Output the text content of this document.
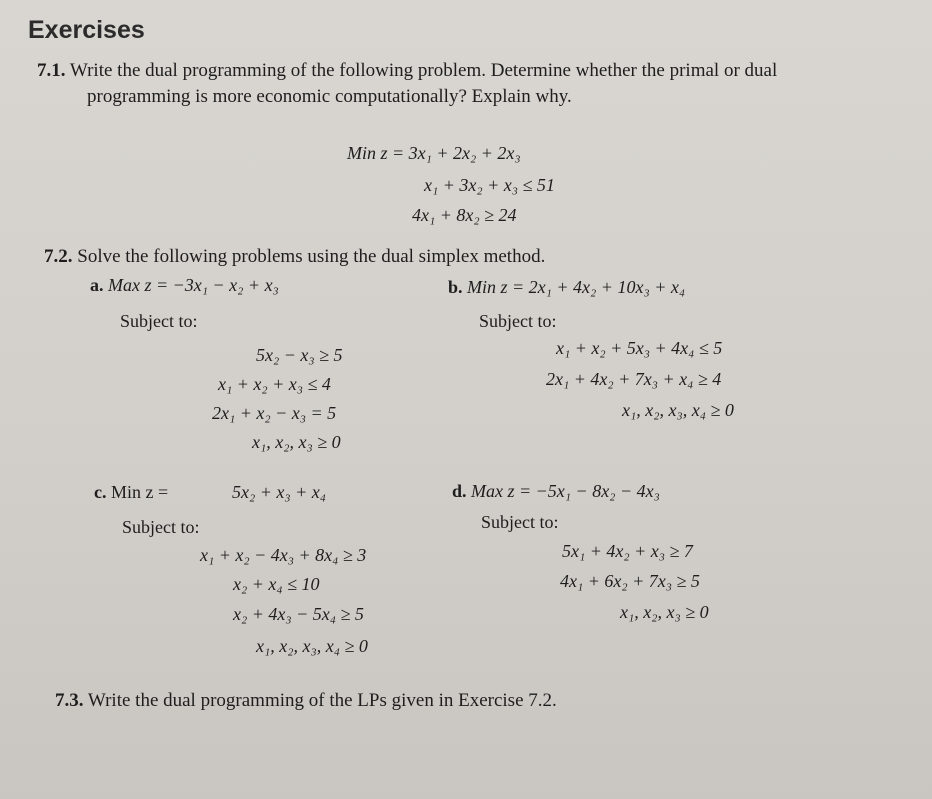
Exercises
7.1. Write the dual programming of the following problem. Determine whether the primal or dual
programming is more economic computationally? Explain why.
Min z = 3x₁ + 2x₂ + 2x₃
x₁ + 3x₂ + x₃ ≤ 51
4x₁ + 8x₂ ≥ 24
7.2. Solve the following problems using the dual simplex method.
a. Max z = −3x₁ − x₂ + x₃
Subject to:
5x₂ − x₃ ≥ 5
x₁ + x₂ + x₃ ≤ 4
2x₁ + x₂ − x₃ = 5
x₁, x₂, x₃ ≥ 0
b. Min z = 2x₁ + 4x₂ + 10x₃ + x₄
Subject to:
x₁ + x₂ + 5x₃ + 4x₄ ≤ 5
2x₁ + 4x₂ + 7x₃ + x₄ ≥ 4
x₁, x₂, x₃, x₄ ≥ 0
c. Min z =	5x₂ + x₃ + x₄
Subject to:
x₁ + x₂ − 4x₃ + 8x₄ ≥ 3
x₂ + x₄ ≤ 10
x₂ + 4x₃ − 5x₄ ≥ 5
x₁, x₂, x₃, x₄ ≥ 0
d. Max z = −5x₁ − 8x₂ − 4x₃
Subject to:
5x₁ + 4x₂ + x₃ ≥ 7
4x₁ + 6x₂ + 7x₃ ≥ 5
x₁, x₂, x₃ ≥ 0
7.3. Write the dual programming of the LPs given in Exercise 7.2.
